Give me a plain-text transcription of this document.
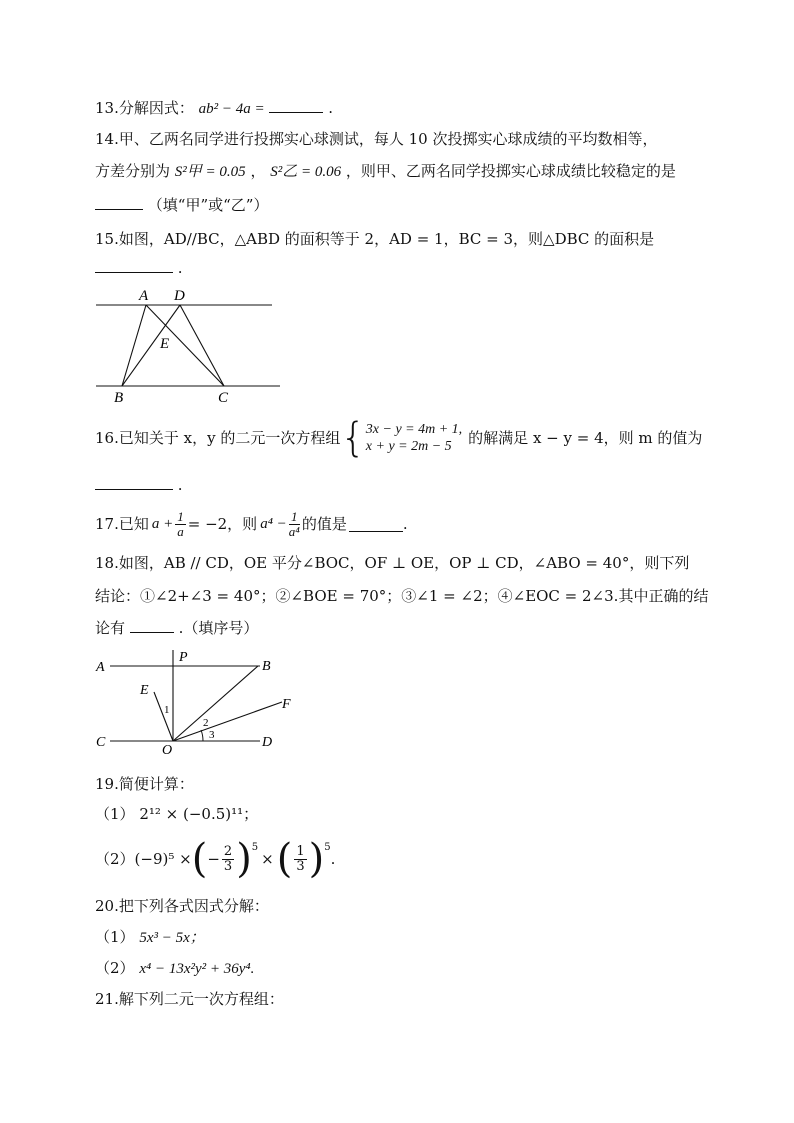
13.分解因式： ab² − 4a =	.
14.甲、乙两名同学进行投掷实心球测试，每人 10 次投掷实心球成绩的平均数相等，
方差分别为 S²甲 = 0.05 ， S²乙 = 0.06 ，则甲、乙两名同学投掷实心球成绩比较稳定的是
（填“甲”或“乙”）
15.如图，AD//BC，△ABD 的面积等于 2，AD = 1，BC = 3，则△DBC 的面积是
.
A D
E
B	C
16.已知关于 x，y 的二元一次方程组 { 3x − y = 4m + 1,
x + y = 2m − 5	的解满足 x − y = 4，则 m 的值为
.
17.已知 $a + \frac{1}{a} = -2$，则 $a^4 - \frac{1}{\text{a⁴}}$ 的值是	.
18.如图，AB // CD，OE 平分∠BOC，OF ⊥ OE，OP ⊥ CD，∠ABO = 40°，则下列
结论：①∠2+∠3 = 40°；②∠BOE = 70°；③∠1 = ∠2；④∠EOC = 2∠3.其中正确的结
论有	.（填序号）
A
P
B
E
F
C
O
D
1
2
3
19.简便计算：
（1） 2¹² × (−0.5)¹¹；
（2） (−9)⁵ × ( − $\frac{2}{3} )^5$
× ( $\frac{1}{3} )^5$
.
20.把下列各式因式分解：
（1） 5x³ − 5x；
（2） x⁴ − 13x²y² + 36y⁴.
21.解下列二元一次方程组：
